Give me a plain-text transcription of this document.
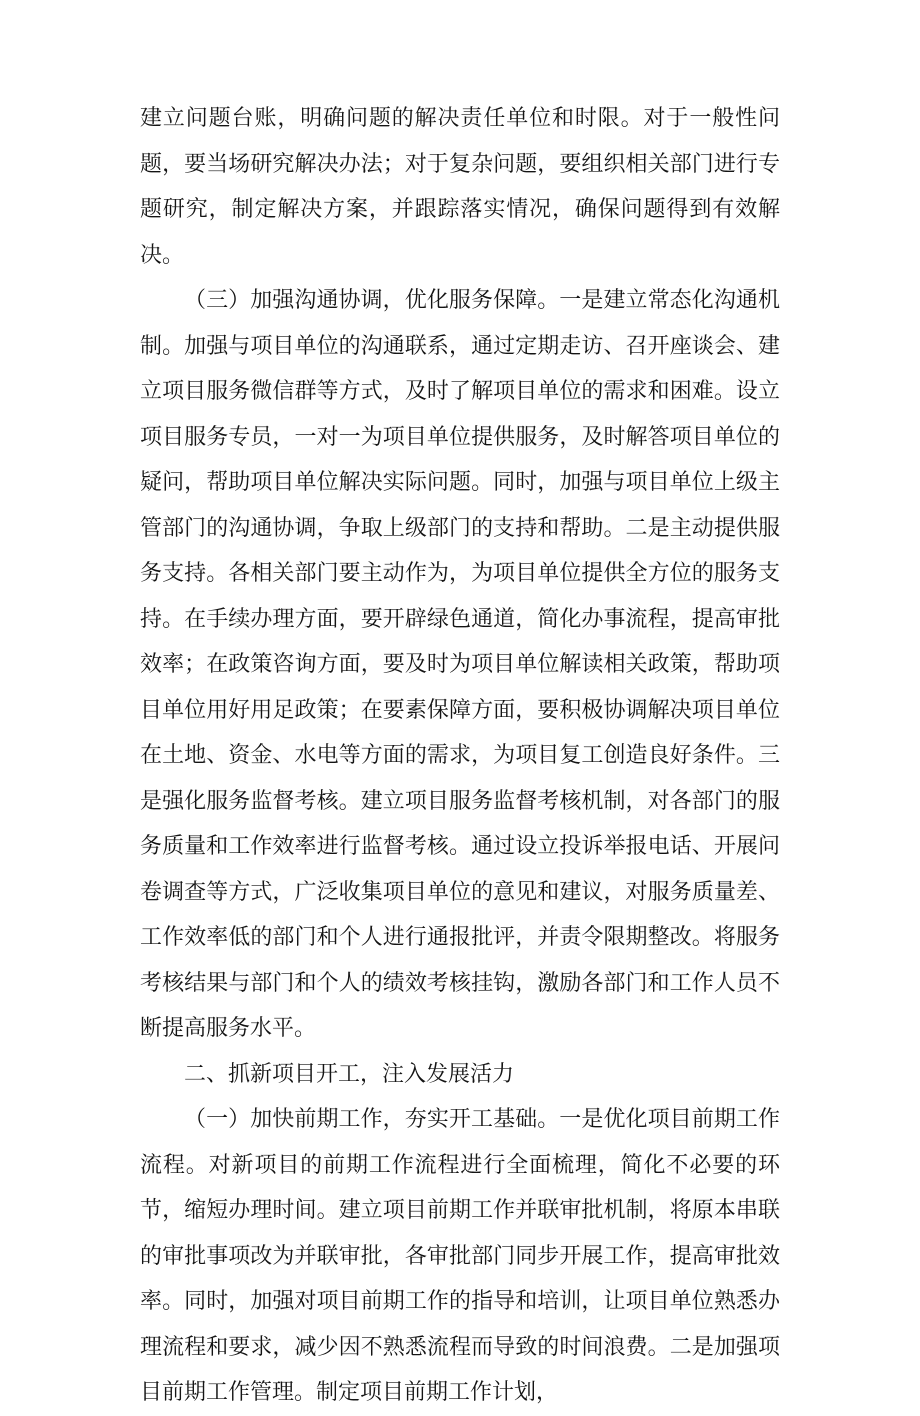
建立问题台账，明确问题的解决责任单位和时限。对于一般性问题，要当场研究解决办法；对于复杂问题，要组织相关部门进行专题研究，制定解决方案，并跟踪落实情况，确保问题得到有效解决。

（三）加强沟通协调，优化服务保障。一是建立常态化沟通机制。加强与项目单位的沟通联系，通过定期走访、召开座谈会、建立项目服务微信群等方式，及时了解项目单位的需求和困难。设立项目服务专员，一对一为项目单位提供服务，及时解答项目单位的疑问，帮助项目单位解决实际问题。同时，加强与项目单位上级主管部门的沟通协调，争取上级部门的支持和帮助。二是主动提供服务支持。各相关部门要主动作为，为项目单位提供全方位的服务支持。在手续办理方面，要开辟绿色通道，简化办事流程，提高审批效率；在政策咨询方面，要及时为项目单位解读相关政策，帮助项目单位用好用足政策；在要素保障方面，要积极协调解决项目单位在土地、资金、水电等方面的需求，为项目复工创造良好条件。三是强化服务监督考核。建立项目服务监督考核机制，对各部门的服务质量和工作效率进行监督考核。通过设立投诉举报电话、开展问卷调查等方式，广泛收集项目单位的意见和建议，对服务质量差、工作效率低的部门和个人进行通报批评，并责令限期整改。将服务考核结果与部门和个人的绩效考核挂钩，激励各部门和工作人员不断提高服务水平。

二、抓新项目开工，注入发展活力

（一）加快前期工作，夯实开工基础。一是优化项目前期工作流程。对新项目的前期工作流程进行全面梳理，简化不必要的环节，缩短办理时间。建立项目前期工作并联审批机制，将原本串联的审批事项改为并联审批，各审批部门同步开展工作，提高审批效率。同时，加强对项目前期工作的指导和培训，让项目单位熟悉办理流程和要求，减少因不熟悉流程而导致的时间浪费。二是加强项目前期工作管理。制定项目前期工作计划，
